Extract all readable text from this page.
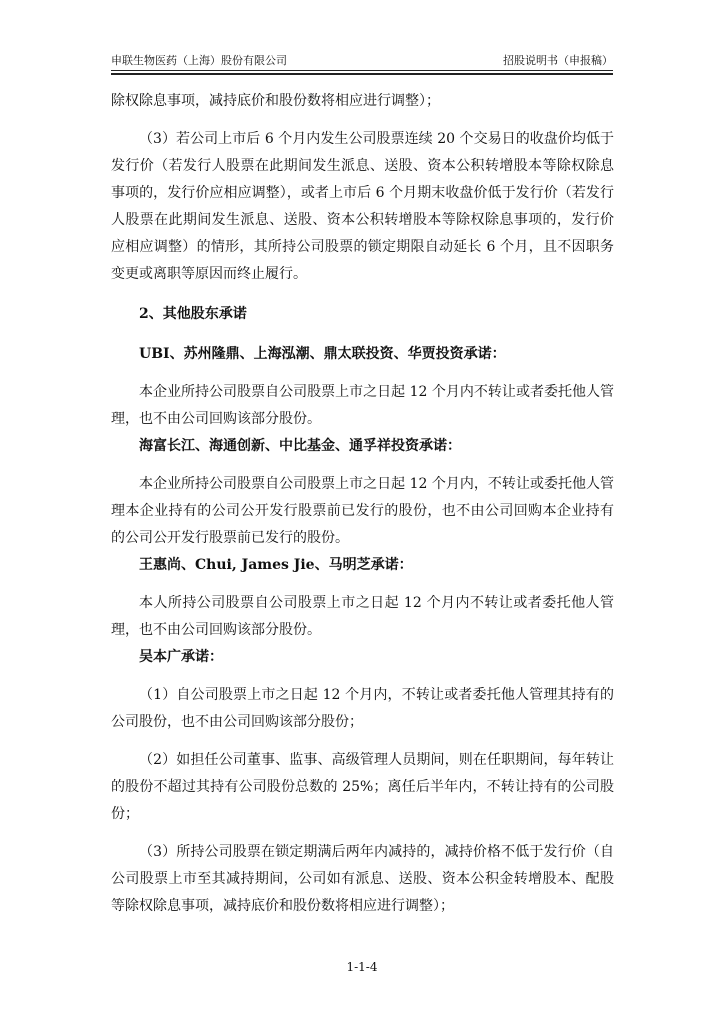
申联生物医药（上海）股份有限公司	招股说明书（申报稿）

除权除息事项，减持底价和股份数将相应进行调整）；

（3）若公司上市后 6 个月内发生公司股票连续 20 个交易日的收盘价均低于发行价（若发行人股票在此期间发生派息、送股、资本公积转增股本等除权除息事项的，发行价应相应调整），或者上市后 6 个月期末收盘价低于发行价（若发行人股票在此期间发生派息、送股、资本公积转增股本等除权除息事项的，发行价应相应调整）的情形，其所持公司股票的锁定期限自动延长 6 个月，且不因职务变更或离职等原因而终止履行。

2、其他股东承诺

UBI、苏州隆鼎、上海泓潮、鼎太联投资、华贾投资承诺：

本企业所持公司股票自公司股票上市之日起 12 个月内不转让或者委托他人管理，也不由公司回购该部分股份。

海富长江、海通创新、中比基金、通孚祥投资承诺：

本企业所持公司股票自公司股票上市之日起 12 个月内，不转让或委托他人管理本企业持有的公司公开发行股票前已发行的股份，也不由公司回购本企业持有的公司公开发行股票前已发行的股份。

王惠尚、Chui, James Jie、马明芝承诺：

本人所持公司股票自公司股票上市之日起 12 个月内不转让或者委托他人管理，也不由公司回购该部分股份。

吴本广承诺：

（1）自公司股票上市之日起 12 个月内，不转让或者委托他人管理其持有的公司股份，也不由公司回购该部分股份；

（2）如担任公司董事、监事、高级管理人员期间，则在任职期间，每年转让的股份不超过其持有公司股份总数的 25%；离任后半年内，不转让持有的公司股份；

（3）所持公司股票在锁定期满后两年内减持的，减持价格不低于发行价（自公司股票上市至其减持期间，公司如有派息、送股、资本公积金转增股本、配股等除权除息事项，减持底价和股份数将相应进行调整）；

1-1-4
